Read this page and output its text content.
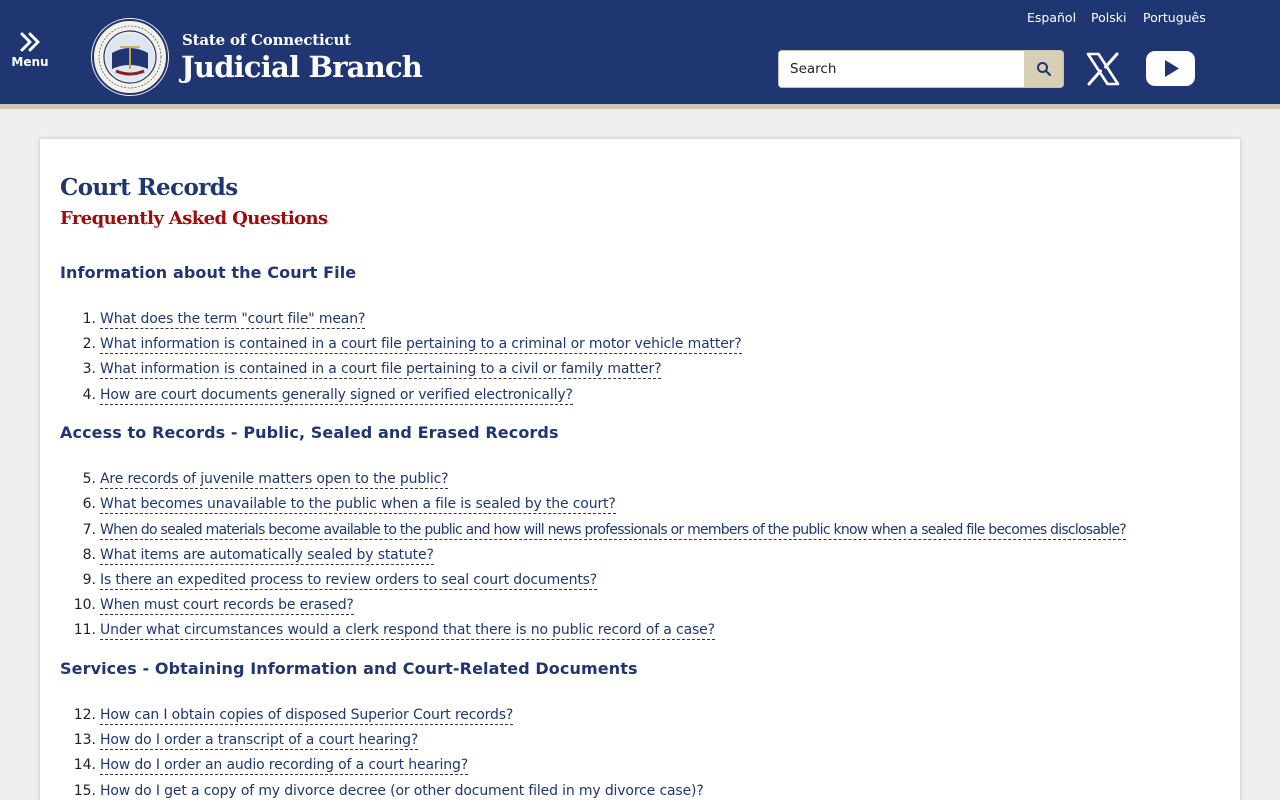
Menu
State of Connecticut
Judicial Branch
Español Polski Português
Search
Court Records
Frequently Asked Questions
Information about the Court File
1. What does the term "court file" mean?
2. What information is contained in a court file pertaining to a criminal or motor vehicle matter?
3. What information is contained in a court file pertaining to a civil or family matter?
4. How are court documents generally signed or verified electronically?
Access to Records - Public, Sealed and Erased Records
5. Are records of juvenile matters open to the public?
6. What becomes unavailable to the public when a file is sealed by the court?
7. When do sealed materials become available to the public and how will news professionals or members of the public know when a sealed file becomes disclosable?
8. What items are automatically sealed by statute?
9. Is there an expedited process to review orders to seal court documents?
10. When must court records be erased?
11. Under what circumstances would a clerk respond that there is no public record of a case?
Services - Obtaining Information and Court-Related Documents
12. How can I obtain copies of disposed Superior Court records?
13. How do I order a transcript of a court hearing?
14. How do I order an audio recording of a court hearing?
15. How do I get a copy of my divorce decree (or other document filed in my divorce case)?
